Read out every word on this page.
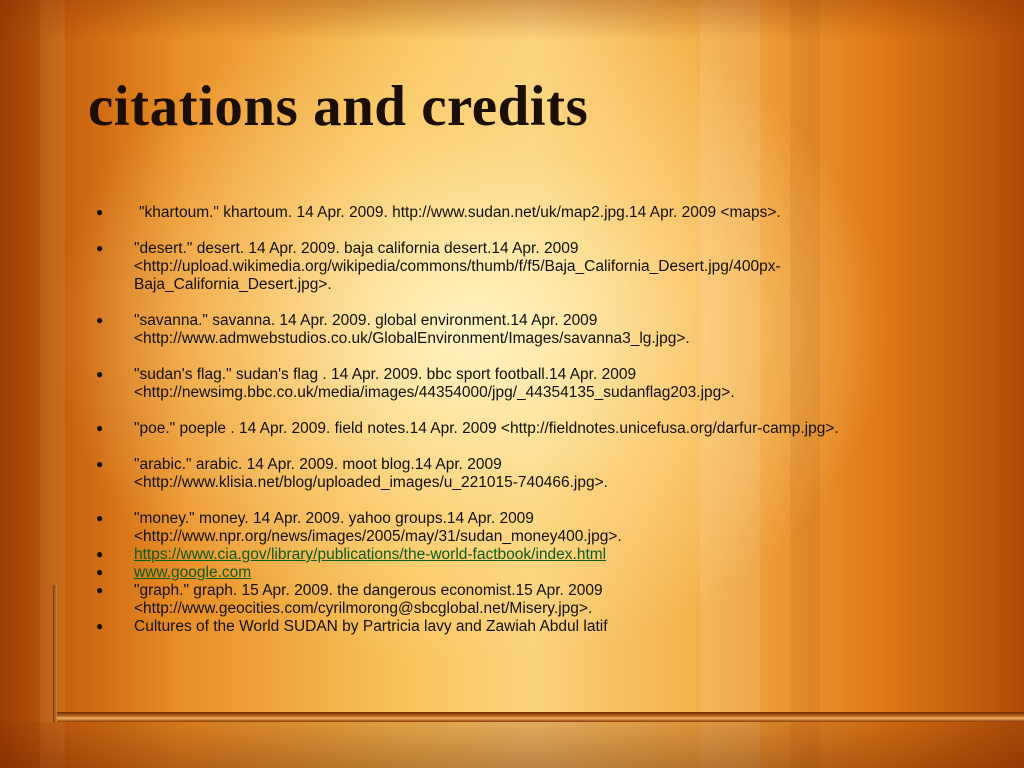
citations and credits
● "khartoum." khartoum. 14 Apr. 2009. http://www.sudan.net/uk/map2.jpg.14 Apr. 2009 <maps>.
● "desert." desert. 14 Apr. 2009. baja california desert.14 Apr. 2009
<http://upload.wikimedia.org/wikipedia/commons/thumb/f/f5/Baja_California_Desert.jpg/400px-
Baja_California_Desert.jpg>.
● "savanna." savanna. 14 Apr. 2009. global environment.14 Apr. 2009
<http://www.admwebstudios.co.uk/GlobalEnvironment/Images/savanna3_lg.jpg>.
● "sudan's flag." sudan's flag . 14 Apr. 2009. bbc sport football.14 Apr. 2009
<http://newsimg.bbc.co.uk/media/images/44354000/jpg/_44354135_sudanflag203.jpg>.
● "poe." poeple . 14 Apr. 2009. field notes.14 Apr. 2009 <http://fieldnotes.unicefusa.org/darfur-camp.jpg>.
● "arabic." arabic. 14 Apr. 2009. moot blog.14 Apr. 2009
<http://www.klisia.net/blog/uploaded_images/u_221015-740466.jpg>.
● "money." money. 14 Apr. 2009. yahoo groups.14 Apr. 2009
<http://www.npr.org/news/images/2005/may/31/sudan_money400.jpg>.
● https://www.cia.gov/library/publications/the-world-factbook/index.html
● www.google.com
● "graph." graph. 15 Apr. 2009. the dangerous economist.15 Apr. 2009
<http://www.geocities.com/cyrilmorong@sbcglobal.net/Misery.jpg>.
● Cultures of the World SUDAN by Partricia lavy and Zawiah Abdul latif
